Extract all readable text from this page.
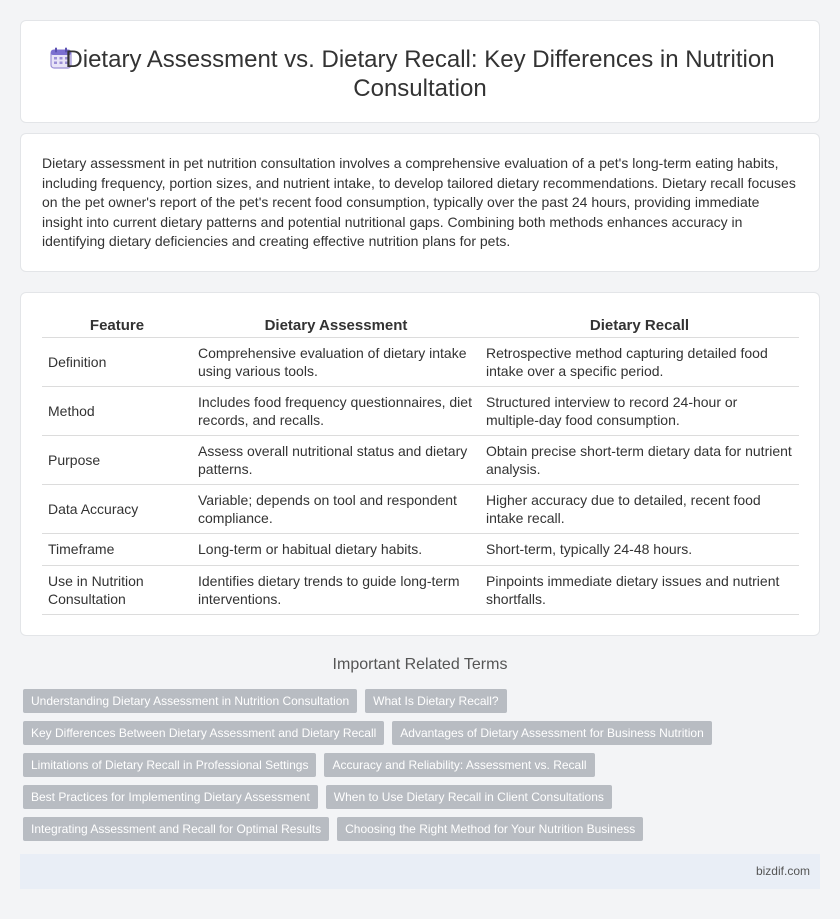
Dietary Assessment vs. Dietary Recall: Key Differences in Nutrition Consultation

Dietary assessment in pet nutrition consultation involves a comprehensive evaluation of a pet's long-term eating habits, including frequency, portion sizes, and nutrient intake, to develop tailored dietary recommendations. Dietary recall focuses on the pet owner's report of the pet's recent food consumption, typically over the past 24 hours, providing immediate insight into current dietary patterns and potential nutritional gaps. Combining both methods enhances accuracy in identifying dietary deficiencies and creating effective nutrition plans for pets.

Feature	Dietary Assessment	Dietary Recall
Definition	Comprehensive evaluation of dietary intake using various tools.	Retrospective method capturing detailed food intake over a specific period.
Method	Includes food frequency questionnaires, diet records, and recalls.	Structured interview to record 24-hour or multiple-day food consumption.
Purpose	Assess overall nutritional status and dietary patterns.	Obtain precise short-term dietary data for nutrient analysis.
Data Accuracy	Variable; depends on tool and respondent compliance.	Higher accuracy due to detailed, recent food intake recall.
Timeframe	Long-term or habitual dietary habits.	Short-term, typically 24-48 hours.
Use in Nutrition Consultation	Identifies dietary trends to guide long-term interventions.	Pinpoints immediate dietary issues and nutrient shortfalls.
Important Related Terms
Understanding Dietary Assessment in Nutrition Consultation	What Is Dietary Recall?
Key Differences Between Dietary Assessment and Dietary Recall	Advantages of Dietary Assessment for Business Nutrition
Limitations of Dietary Recall in Professional Settings	Accuracy and Reliability: Assessment vs. Recall
Best Practices for Implementing Dietary Assessment	When to Use Dietary Recall in Client Consultations
Integrating Assessment and Recall for Optimal Results	Choosing the Right Method for Your Nutrition Business
bizdif.com
